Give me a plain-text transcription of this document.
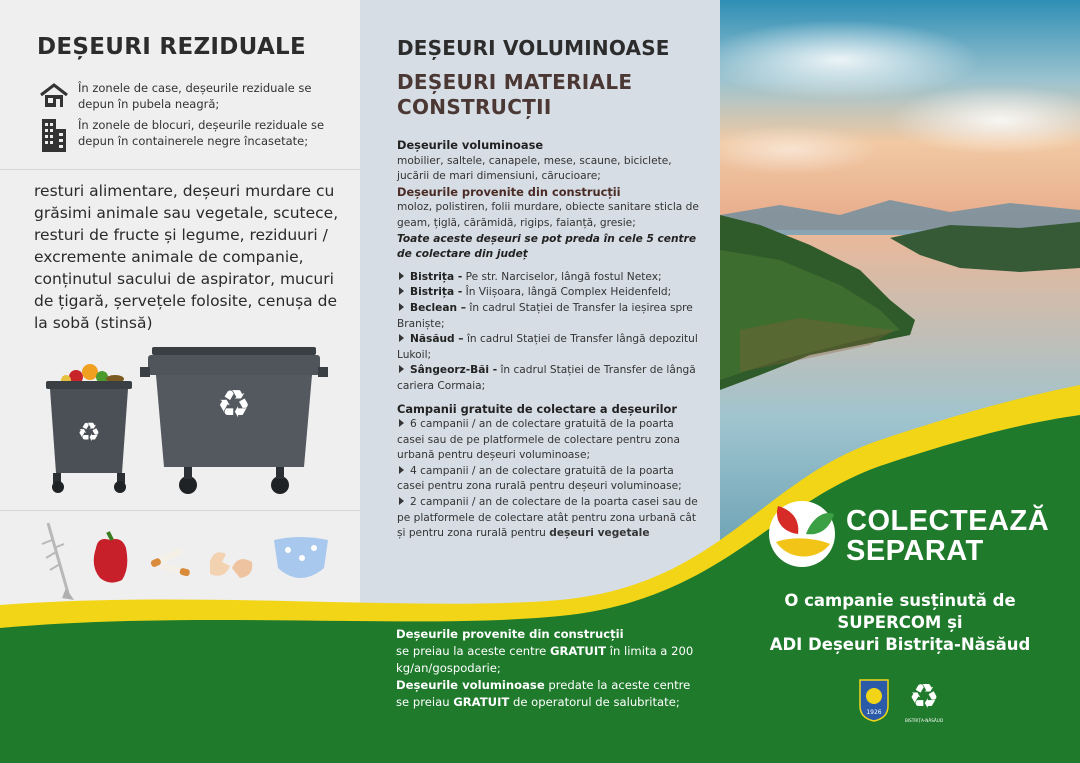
DEȘEURI REZIDUALE
În zonele de case, deșeurile reziduale se depun în pubela neagră;
În zonele de blocuri, deșeurile reziduale se depun în containerele negre încasetate;
resturi alimentare, deșeuri murdare cu grăsimi animale sau vegetale, scutece, resturi de fructe și legume, reziduuri / excremente animale de companie, conținutul sacului de aspirator, mucuri de țigară, șervețele folosite, cenușa de la sobă (stinsă)
♻
♻
DEȘEURI VOLUMINOASE
DEȘEURI MATERIALE CONSTRUCȚII
Deșeurile voluminoase
mobilier, saltele, canapele, mese, scaune, biciclete, jucării de mari dimensiuni, cărucioare;
Deșeurile provenite din construcții
moloz, polistiren, folii murdare, obiecte sanitare sticla de geam, țiglă, cărămidă, rigips, faianță, gresie;
Toate aceste deșeuri se pot preda în cele 5 centre de colectare din județ
Bistrița - Pe str. Narciselor, lângă fostul Netex;
Bistrița - În Viișoara, lângă Complex Heidenfeld;
Beclean – în cadrul Stației de Transfer la ieșirea spre Braniște;
Năsăud – în cadrul Stației de Transfer lângă depozitul Lukoil;
Sângeorz-Băi - în cadrul Stației de Transfer de lângă cariera Cormaia;
Campanii gratuite de colectare a deșeurilor
6 campanii / an de colectare gratuită de la poarta casei sau de pe platformele de colectare pentru zona urbană pentru deșeuri voluminoase;
4 campanii / an de colectare gratuită de la poarta casei pentru zona rurală pentru deșeuri voluminoase;
2 campanii / an de colectare de la poarta casei sau de pe platformele de colectare atât pentru zona urbană cât și pentru zona rurală pentru deșeuri vegetale
Deșeurile provenite din construcții
se preiau la aceste centre GRATUIT în limita a 200 kg/an/gospodarie;
Deșeurile voluminoase predate la aceste centre se preiau GRATUIT de operatorul de salubritate;
COLECTEAZĂ
SEPARAT
O campanie susținută de
SUPERCOM și
ADI Deșeuri Bistrița-Năsăud
1926 ♻
BISTRIȚA-NĂSĂUD
